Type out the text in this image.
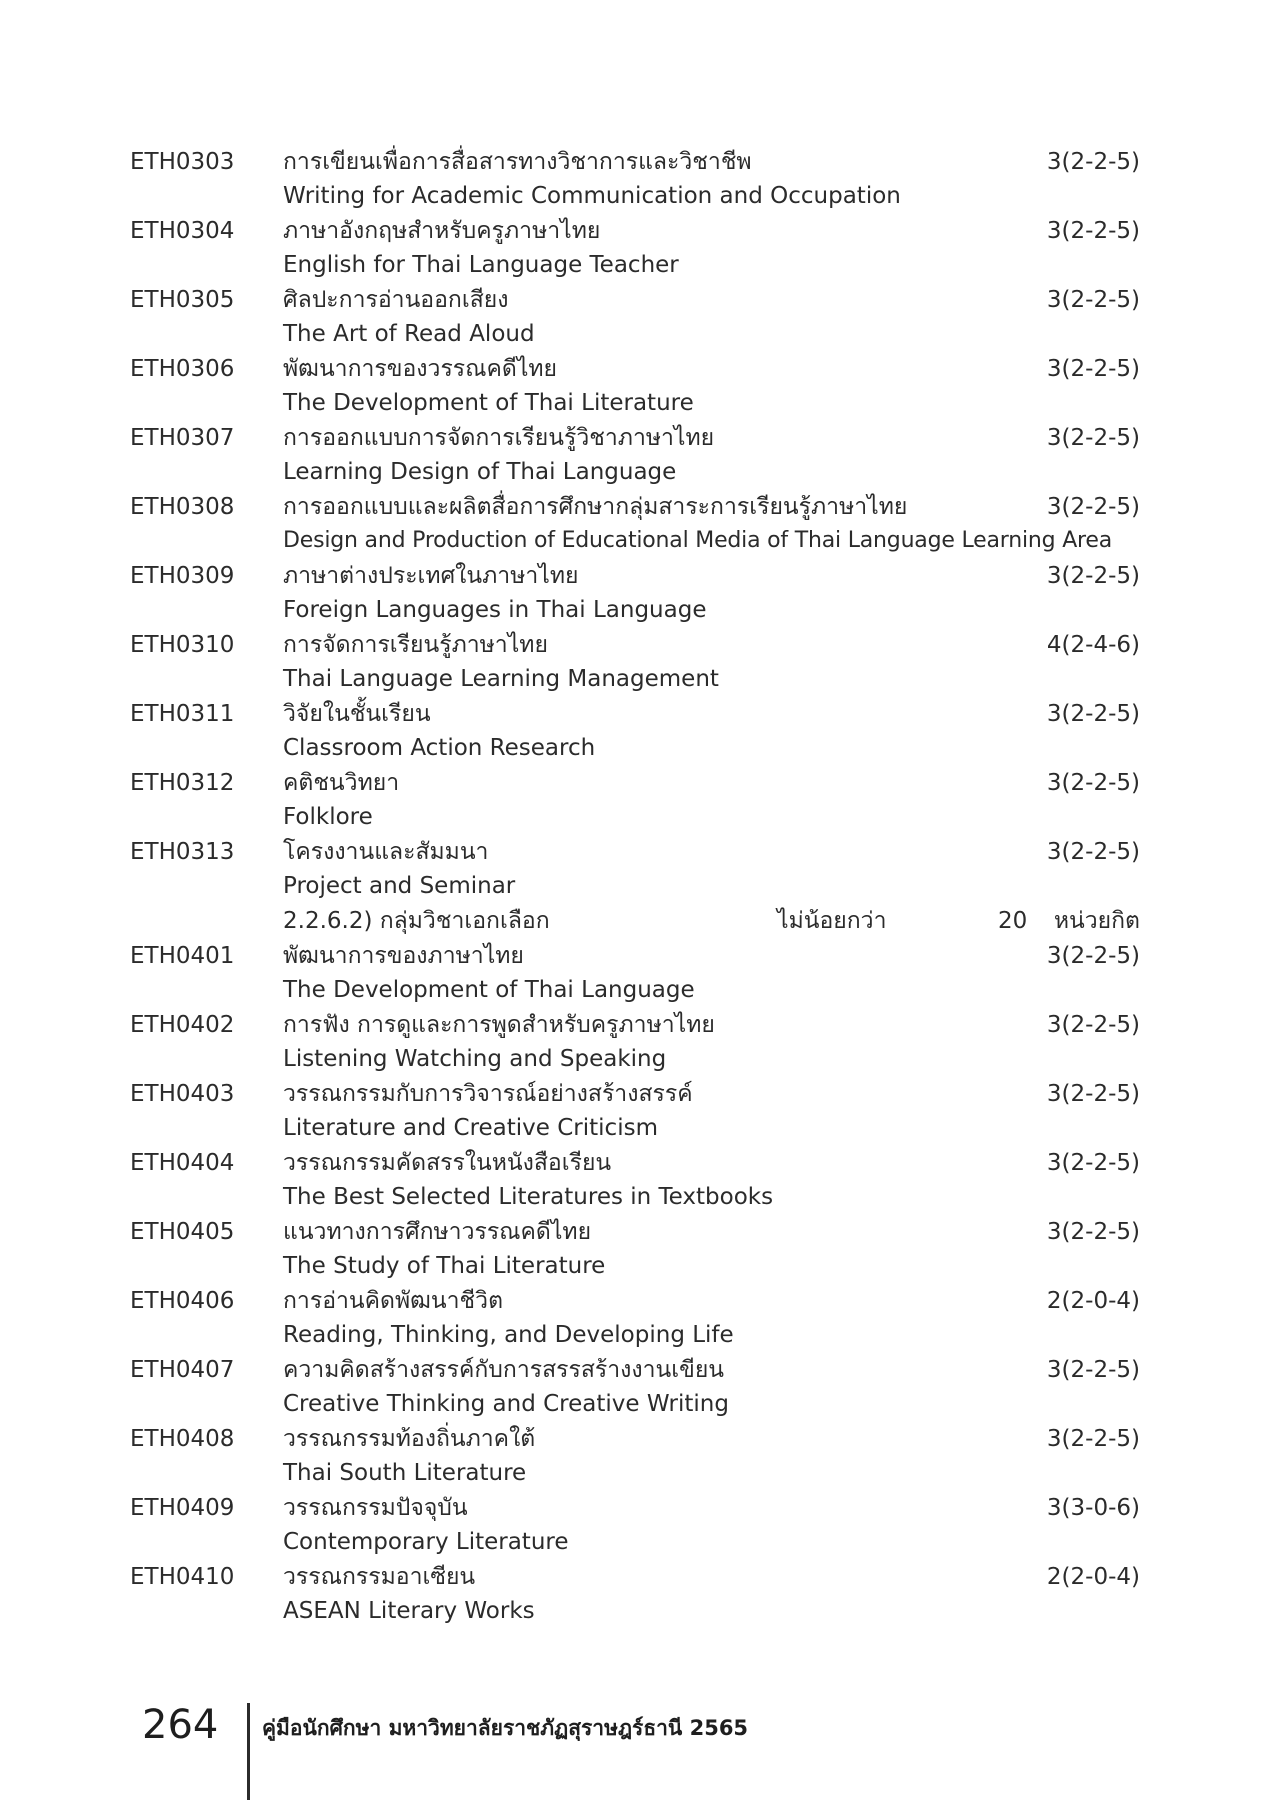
ETH0303 การเขียนเพื่อการสื่อสารทางวิชาการและวิชาชีพ
Writing for Academic Communication and Occupation
3(2-2-5)
ETH0304 ภาษาอังกฤษสำหรับครูภาษาไทย
English for Thai Language Teacher
3(2-2-5)
ETH0305 ศิลปะการอ่านออกเสียง
The Art of Read Aloud
3(2-2-5)
ETH0306 พัฒนาการของวรรณคดีไทย
The Development of Thai Literature
3(2-2-5)
ETH0307 การออกแบบการจัดการเรียนรู้วิชาภาษาไทย
Learning Design of Thai Language
3(2-2-5)
ETH0308 การออกแบบและผลิตสื่อการศึกษากลุ่มสาระการเรียนรู้ภาษาไทย
Design and Production of Educational Media of Thai Language Learning Area
3(2-2-5)
ETH0309 ภาษาต่างประเทศในภาษาไทย
Foreign Languages in Thai Language
3(2-2-5)
ETH0310 การจัดการเรียนรู้ภาษาไทย
Thai Language Learning Management
4(2-4-6)
ETH0311 วิจัยในชั้นเรียน
Classroom Action Research
3(2-2-5)
ETH0312 คติชนวิทยา
Folklore
3(2-2-5)
ETH0313 โครงงานและสัมมนา
Project and Seminar
3(2-2-5)
2.2.6.2) กลุ่มวิชาเอกเลือก	ไม่น้อยกว่า	20 หน่วยกิต
ETH0401 พัฒนาการของภาษาไทย
The Development of Thai Language
3(2-2-5)
ETH0402 การฟัง การดูและการพูดสำหรับครูภาษาไทย
Listening Watching and Speaking
3(2-2-5)
ETH0403 วรรณกรรมกับการวิจารณ์อย่างสร้างสรรค์
Literature and Creative Criticism
3(2-2-5)
ETH0404 วรรณกรรมคัดสรรในหนังสือเรียน
The Best Selected Literatures in Textbooks
3(2-2-5)
ETH0405 แนวทางการศึกษาวรรณคดีไทย
The Study of Thai Literature
3(2-2-5)
ETH0406 การอ่านคิดพัฒนาชีวิต
Reading, Thinking, and Developing Life
2(2-0-4)
ETH0407 ความคิดสร้างสรรค์กับการสรรสร้างงานเขียน
Creative Thinking and Creative Writing
3(2-2-5)
ETH0408 วรรณกรรมท้องถิ่นภาคใต้
Thai South Literature
3(2-2-5)
ETH0409 วรรณกรรมปัจจุบัน
Contemporary Literature
3(3-0-6)
ETH0410 วรรณกรรมอาเซียน
ASEAN Literary Works
2(2-0-4)
264 คู่มือนักศึกษา มหาวิทยาลัยราชภัฏสุราษฎร์ธานี 2565
